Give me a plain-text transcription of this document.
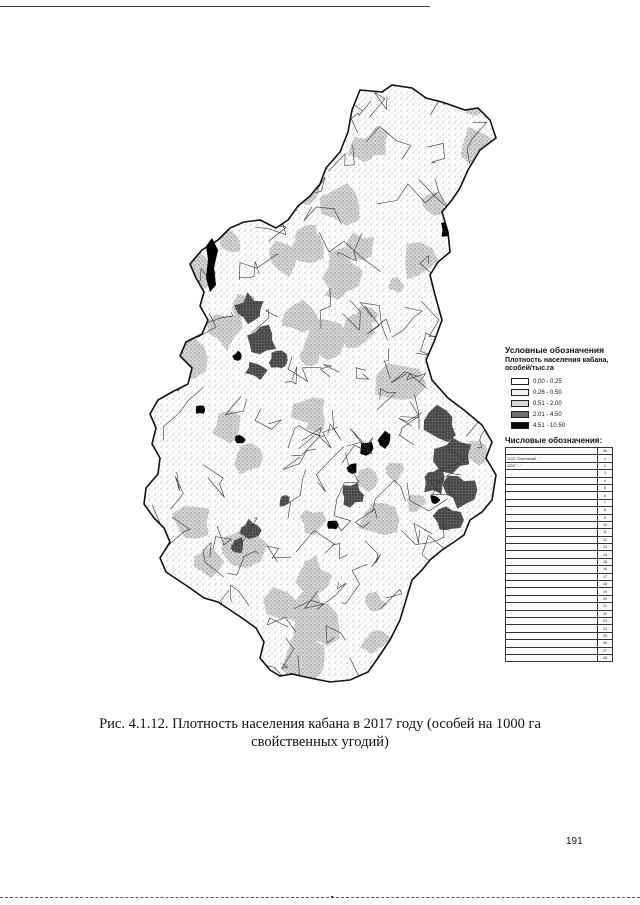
Условные обозначения
Плотность населения кабана, особей/тыс.га
0.00 - 0.25
0.26 - 0.50
0.51 - 2.00
2.01 - 4.50
4.51 - 10.50
Числовые обозначения:
	№
ООО "Охотничий ..."	1
ООО "..."	2
	3
	4
	5
	6
	7
	8
	9
	10
	11
	12
	13
	14
	15
	16
	17
	18
	19
	20
	21
	22
	23
	24
	25
	26
	27
	28
Рис. 4.1.12. Плотность населения кабана в 2017 году (особей на 1000 га
свойственных угодий)
191
